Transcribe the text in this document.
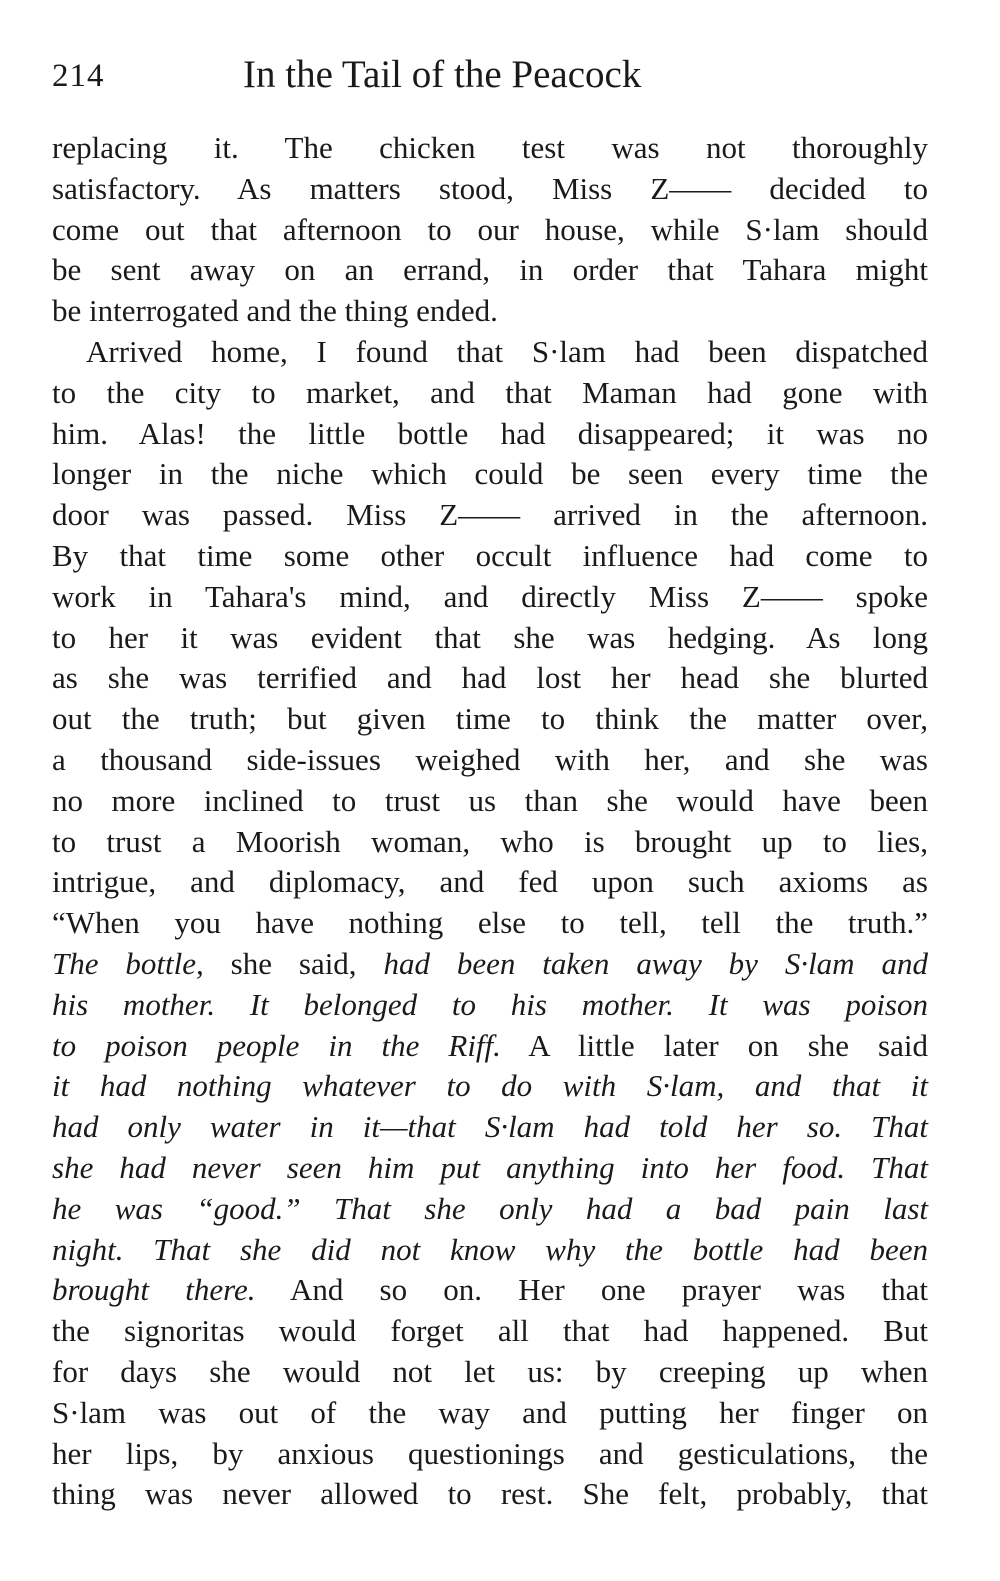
214	In the Tail of the Peacock
replacing it. The chicken test was not thoroughly
satisfactory. As matters stood, Miss Z—— decided to
come out that afternoon to our house, while S·lam should
be sent away on an errand, in order that Tahara might
be interrogated and the thing ended.
Arrived home, I found that S·lam had been dispatched
to the city to market, and that Maman had gone with
him. Alas! the little bottle had disappeared; it was no
longer in the niche which could be seen every time the
door was passed. Miss Z—— arrived in the afternoon.
By that time some other occult influence had come to
work in Tahara's mind, and directly Miss Z—— spoke
to her it was evident that she was hedging. As long
as she was terrified and had lost her head she blurted
out the truth; but given time to think the matter over,
a thousand side-issues weighed with her, and she was
no more inclined to trust us than she would have been
to trust a Moorish woman, who is brought up to lies,
intrigue, and diplomacy, and fed upon such axioms as
“When you have nothing else to tell, tell the truth.”
The bottle, she said, had been taken away by S·lam and
his mother. It belonged to his mother. It was poison
to poison people in the Riff. A little later on she said
it had nothing whatever to do with S·lam, and that it
had only water in it—that S·lam had told her so. That
she had never seen him put anything into her food. That
he was “good.” That she only had a bad pain last
night. That she did not know why the bottle had been
brought there. And so on. Her one prayer was that
the signoritas would forget all that had happened. But
for days she would not let us: by creeping up when
S·lam was out of the way and putting her finger on
her lips, by anxious questionings and gesticulations, the
thing was never allowed to rest. She felt, probably, that
